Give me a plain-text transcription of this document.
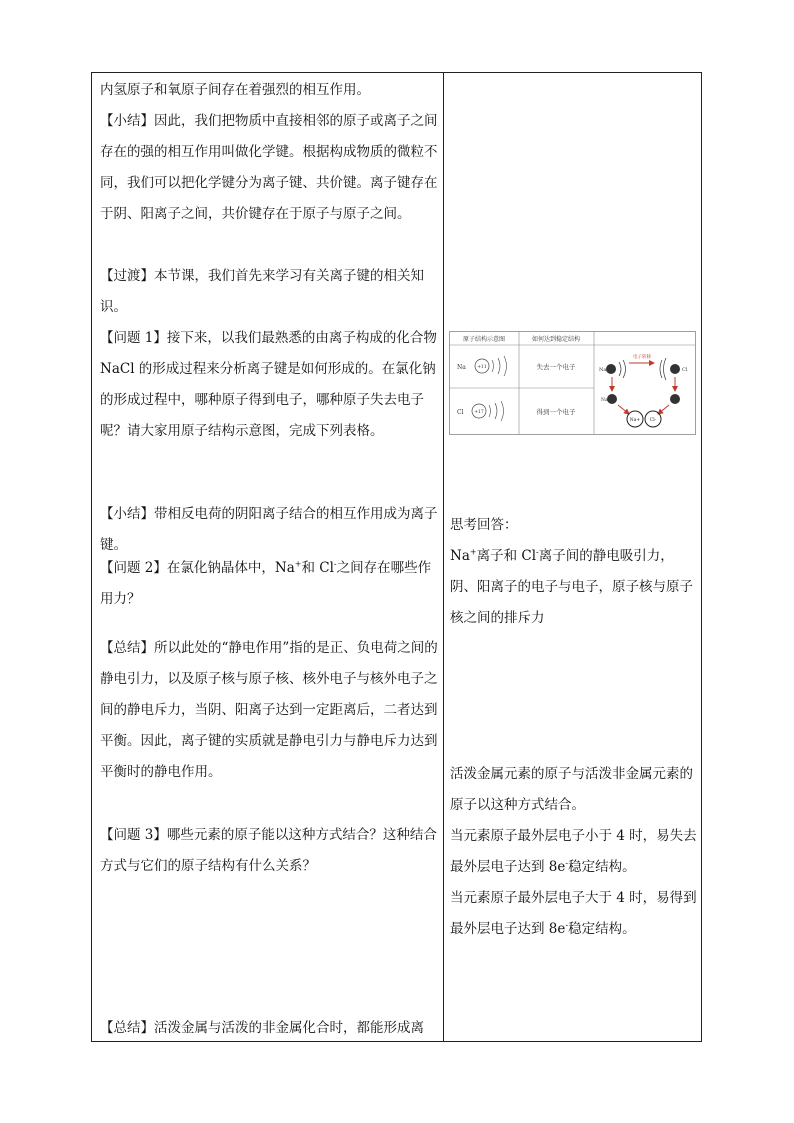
内氢原子和氧原子间存在着强烈的相互作用。

【小结】因此，我们把物质中直接相邻的原子或离子之间存在的强的相互作用叫做化学键。根据构成物质的微粒不同，我们可以把化学键分为离子键、共价键。离子键存在于阴、阳离子之间，共价键存在于原子与原子之间。

【过渡】本节课，我们首先来学习有关离子键的相关知识。

【问题 1】接下来，以我们最熟悉的由离子构成的化合物NaCl 的形成过程来分析离子键是如何形成的。在氯化钠的形成过程中，哪种原子得到电子，哪种原子失去电子呢？请大家用原子结构示意图，完成下列表格。

【小结】带相反电荷的阴阳离子结合的相互作用成为离子键。

【问题 2】在氯化钠晶体中，Na+和 Cl-之间存在哪些作用力？

【总结】所以此处的“静电作用”指的是正、负电荷之间的静电引力，以及原子核与原子核、核外电子与核外电子之间的静电斥力，当阴、阳离子达到一定距离后，二者达到平衡。因此，离子键的实质就是静电引力与静电斥力达到平衡时的静电作用。

【问题 3】哪些元素的原子能以这种方式结合？这种结合方式与它们的原子结构有什么关系？

【总结】活泼金属与活泼的非金属化合时，都能形成离

原子结构示意图	如何达到稳定结构
Na
Cl
+11
+17
失去一个电子
得到一个电子
Na
电子转移
Cl
Na+
Na+ Cl-

思考回答：

Na+离子和 Cl-离子间的静电吸引力，

阴、阳离子的电子与电子，原子核与原子核之间的排斥力

活泼金属元素的原子与活泼非金属元素的原子以这种方式结合。

当元素原子最外层电子小于 4 时，易失去最外层电子达到 8e-稳定结构。

当元素原子最外层电子大于 4 时，易得到最外层电子达到 8e-稳定结构。
